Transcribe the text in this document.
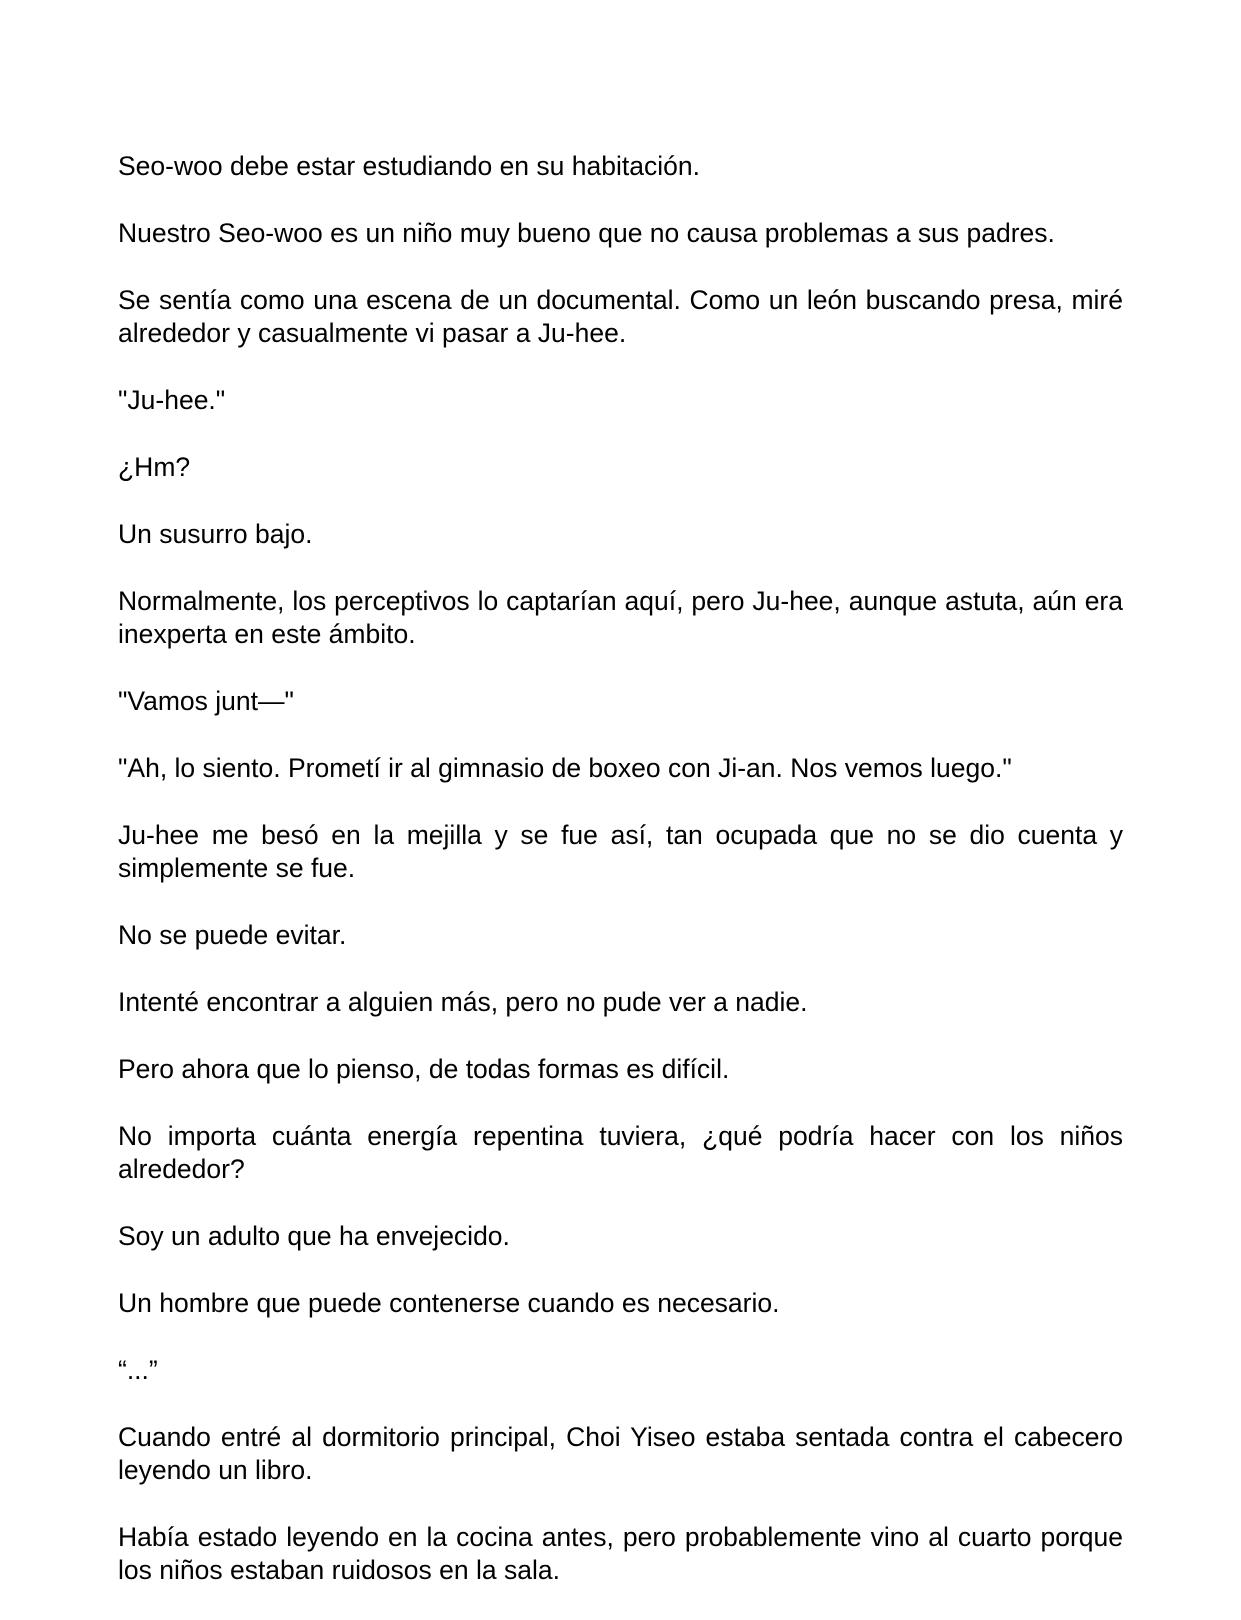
Seo-woo debe estar estudiando en su habitación.

Nuestro Seo-woo es un niño muy bueno que no causa problemas a sus padres.

Se sentía como una escena de un documental. Como un león buscando presa, miré alrededor y casualmente vi pasar a Ju-hee.

"Ju-hee."

¿Hm?

Un susurro bajo.

Normalmente, los perceptivos lo captarían aquí, pero Ju-hee, aunque astuta, aún era inexperta en este ámbito.

"Vamos junt—"

"Ah, lo siento. Prometí ir al gimnasio de boxeo con Ji-an. Nos vemos luego."

Ju-hee me besó en la mejilla y se fue así, tan ocupada que no se dio cuenta y simplemente se fue.

No se puede evitar.

Intenté encontrar a alguien más, pero no pude ver a nadie.

Pero ahora que lo pienso, de todas formas es difícil.

No importa cuánta energía repentina tuviera, ¿qué podría hacer con los niños alrededor?

Soy un adulto que ha envejecido.

Un hombre que puede contenerse cuando es necesario.

“...”

Cuando entré al dormitorio principal, Choi Yiseo estaba sentada contra el cabecero leyendo un libro.

Había estado leyendo en la cocina antes, pero probablemente vino al cuarto porque los niños estaban ruidosos en la sala.
